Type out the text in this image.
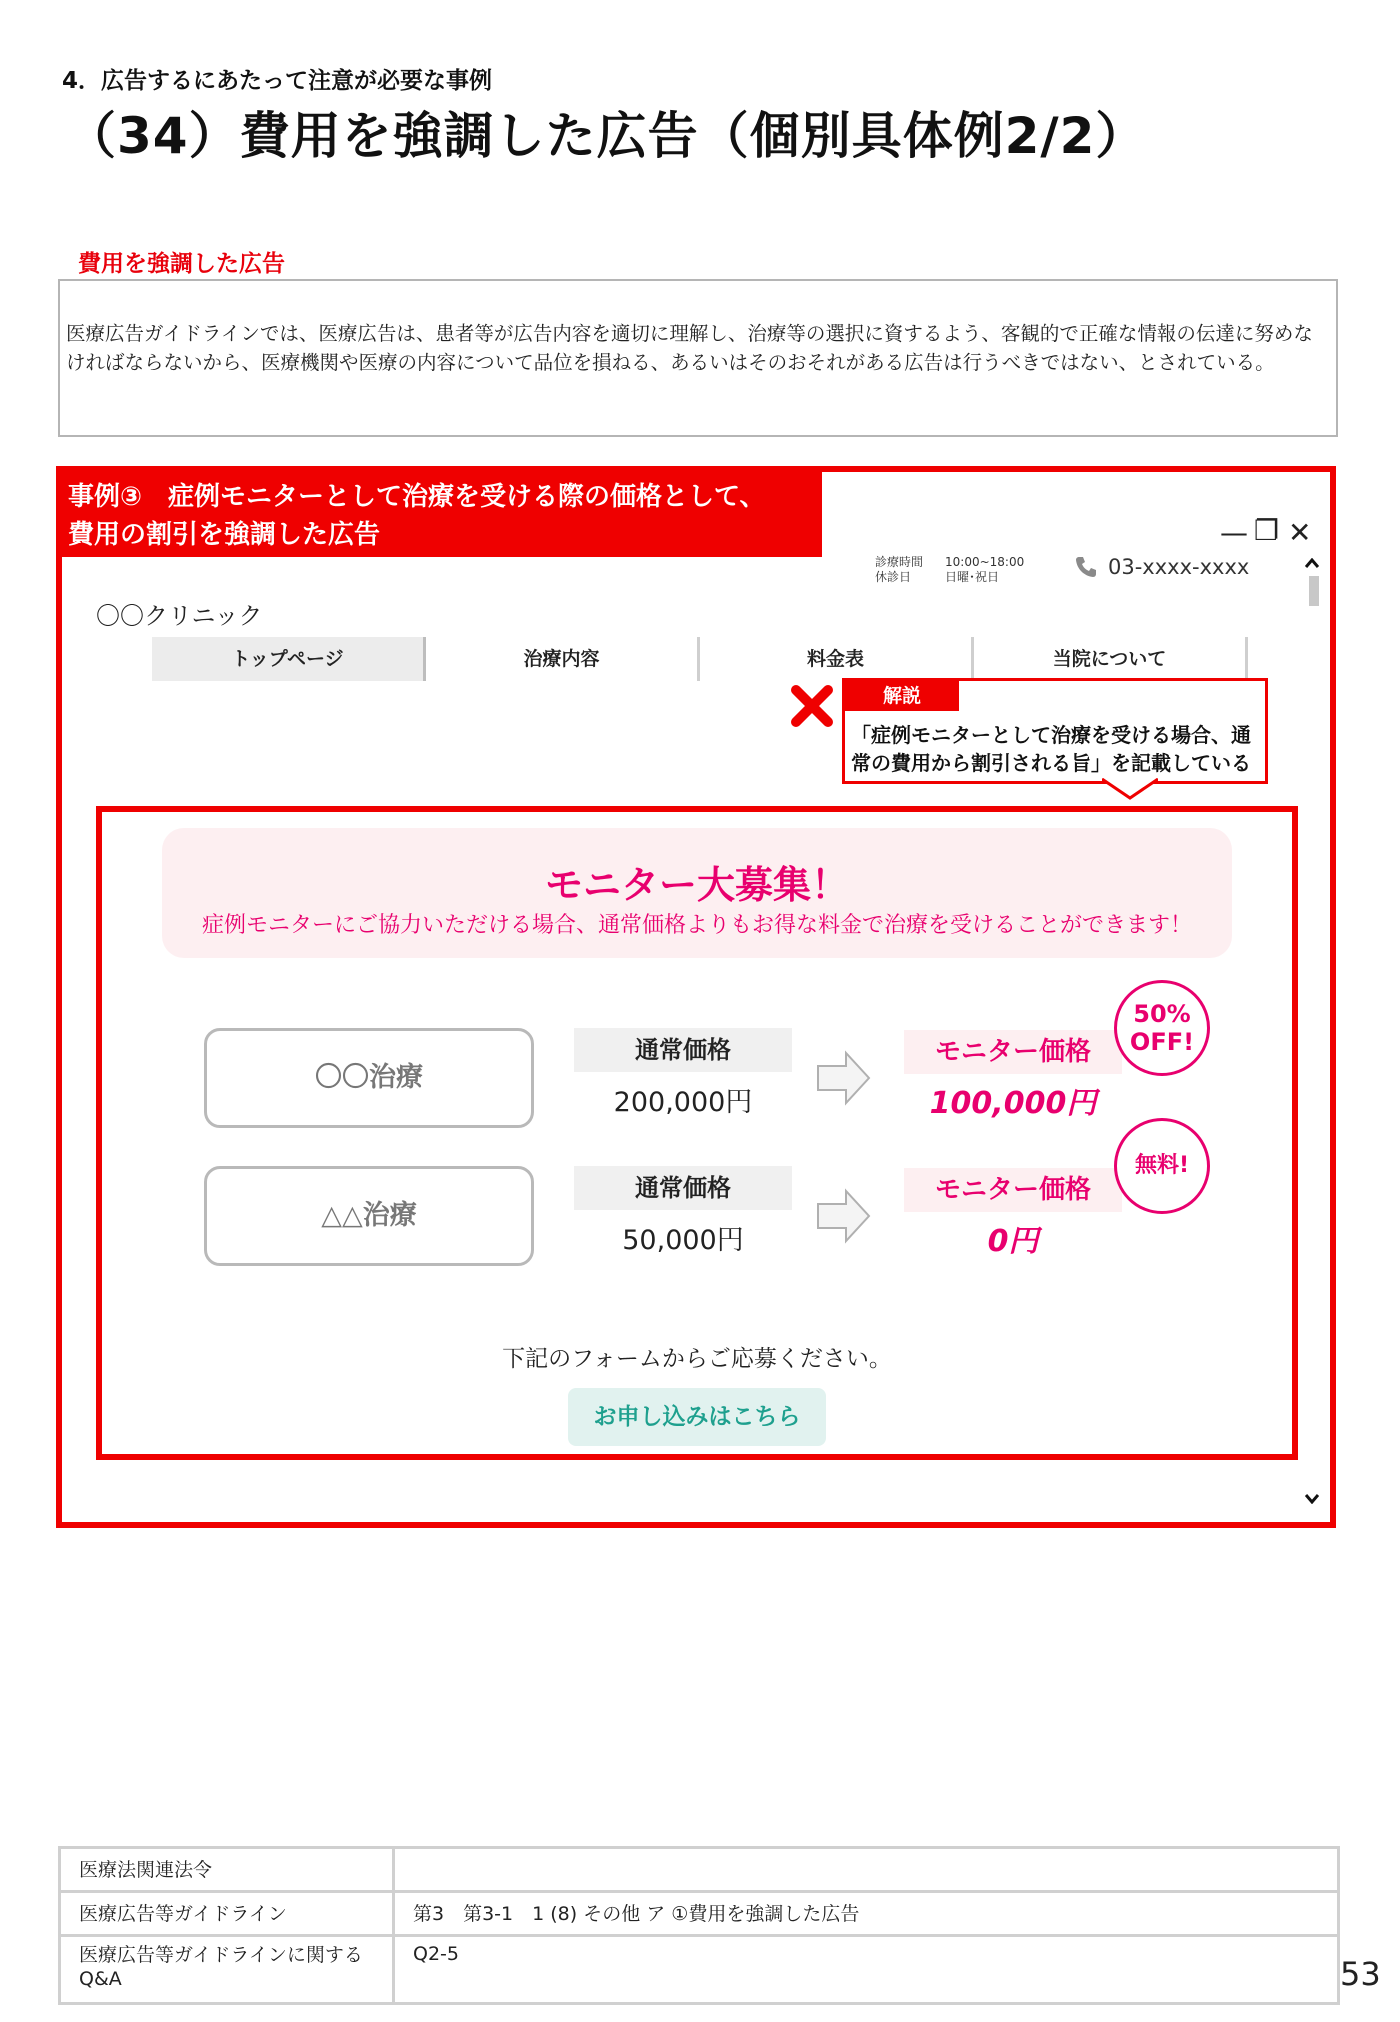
4．広告するにあたって注意が必要な事例
（34）費用を強調した広告（個別具体例2/2）
費用を強調した広告
医療広告ガイドラインでは、医療広告は、患者等が広告内容を適切に理解し、治療等の選択に資するよう、客観的で正確な情報の伝達に努めなければならないから、医療機関や医療の内容について品位を損ねる、あるいはそのおそれがある広告は行うべきではない、とされている。
事例③　症例モニターとして治療を受ける際の価格として、
費用の割引を強調した広告	— ❐ ✕
診療時間 10:00~18:00
休診日	日曜･祝日	03-xxxx-xxxx
〇〇クリニック
トップページ	治療内容	料金表	当院について
解説
「症例モニターとして治療を受ける場合、通常の費用から割引される旨」を記載している
モニター大募集！
症例モニターにご協力いただける場合、通常価格よりもお得な料金で治療を受けることができます！
〇〇治療
通常価格
200,000円
モニター価格
100,000円
50%
OFF!
△△治療
通常価格
50,000円
モニター価格
0円
無料!
下記のフォームからご応募ください。
お申し込みはこちら
医療法関連法令	
医療広告等ガイドライン	第3　第3-1　1 (8) その他 ア ①費用を強調した広告
医療広告等ガイドラインに関する
Q&A	Q2-5
53
